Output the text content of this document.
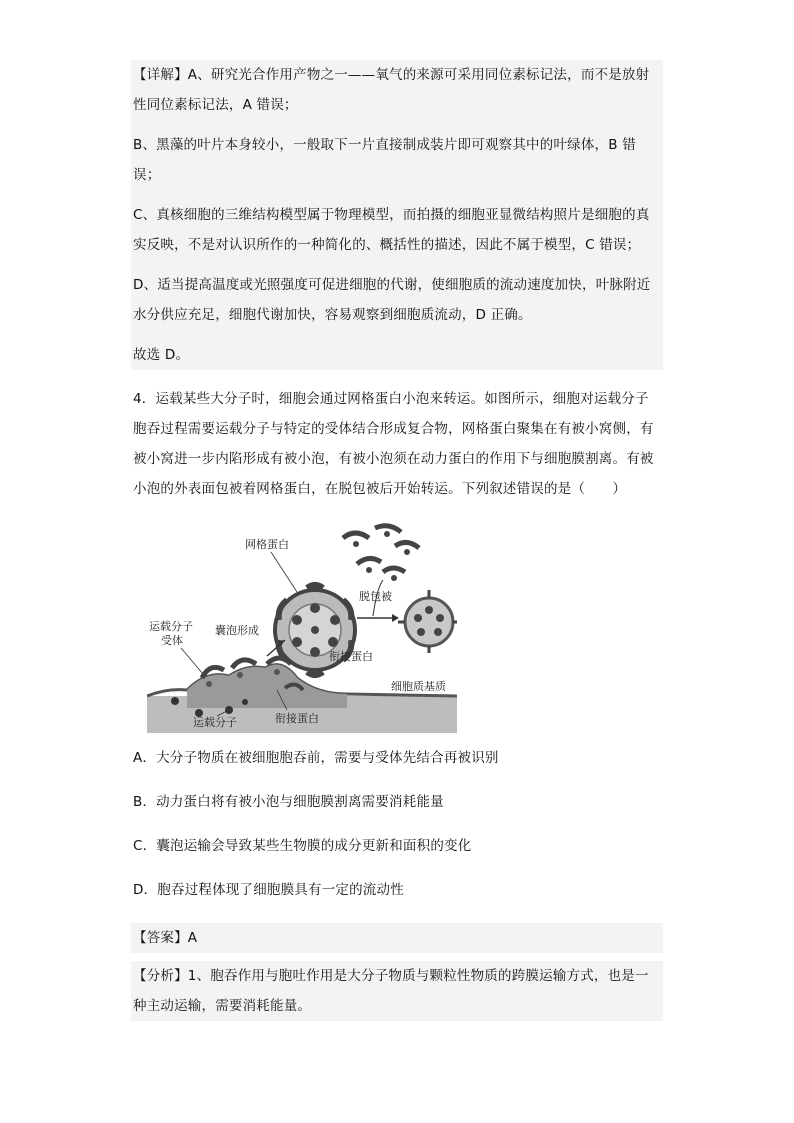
【详解】A、研究光合作用产物之一——氧气的来源可采用同位素标记法，而不是放射性同位素标记法，A 错误；

B、黑藻的叶片本身较小，一般取下一片直接制成装片即可观察其中的叶绿体，B 错误；

C、真核细胞的三维结构模型属于物理模型，而拍摄的细胞亚显微结构照片是细胞的真实反映，不是对认识所作的一种简化的、概括性的描述，因此不属于模型，C 错误；

D、适当提高温度或光照强度可促进细胞的代谢，使细胞质的流动速度加快，叶脉附近水分供应充足，细胞代谢加快，容易观察到细胞质流动，D 正确。

故选 D。

4．运载某些大分子时，细胞会通过网格蛋白小泡来转运。如图所示，细胞对运载分子胞吞过程需要运载分子与特定的受体结合形成复合物，网格蛋白聚集在有被小窝侧，有被小窝进一步内陷形成有被小泡，有被小泡须在动力蛋白的作用下与细胞膜割离。有被小泡的外表面包被着网格蛋白，在脱包被后开始转运。下列叙述错误的是（　　）

网格蛋白
脱包被
运载分子
受体
囊泡形成
衔接蛋白
细胞质基质
运载分子	衔接蛋白

A．大分子物质在被细胞胞吞前，需要与受体先结合再被识别

B．动力蛋白将有被小泡与细胞膜割离需要消耗能量

C．囊泡运输会导致某些生物膜的成分更新和面积的变化

D．胞吞过程体现了细胞膜具有一定的流动性

【答案】A

【分析】1、胞吞作用与胞吐作用是大分子物质与颗粒性物质的跨膜运输方式，也是一种主动运输，需要消耗能量。
